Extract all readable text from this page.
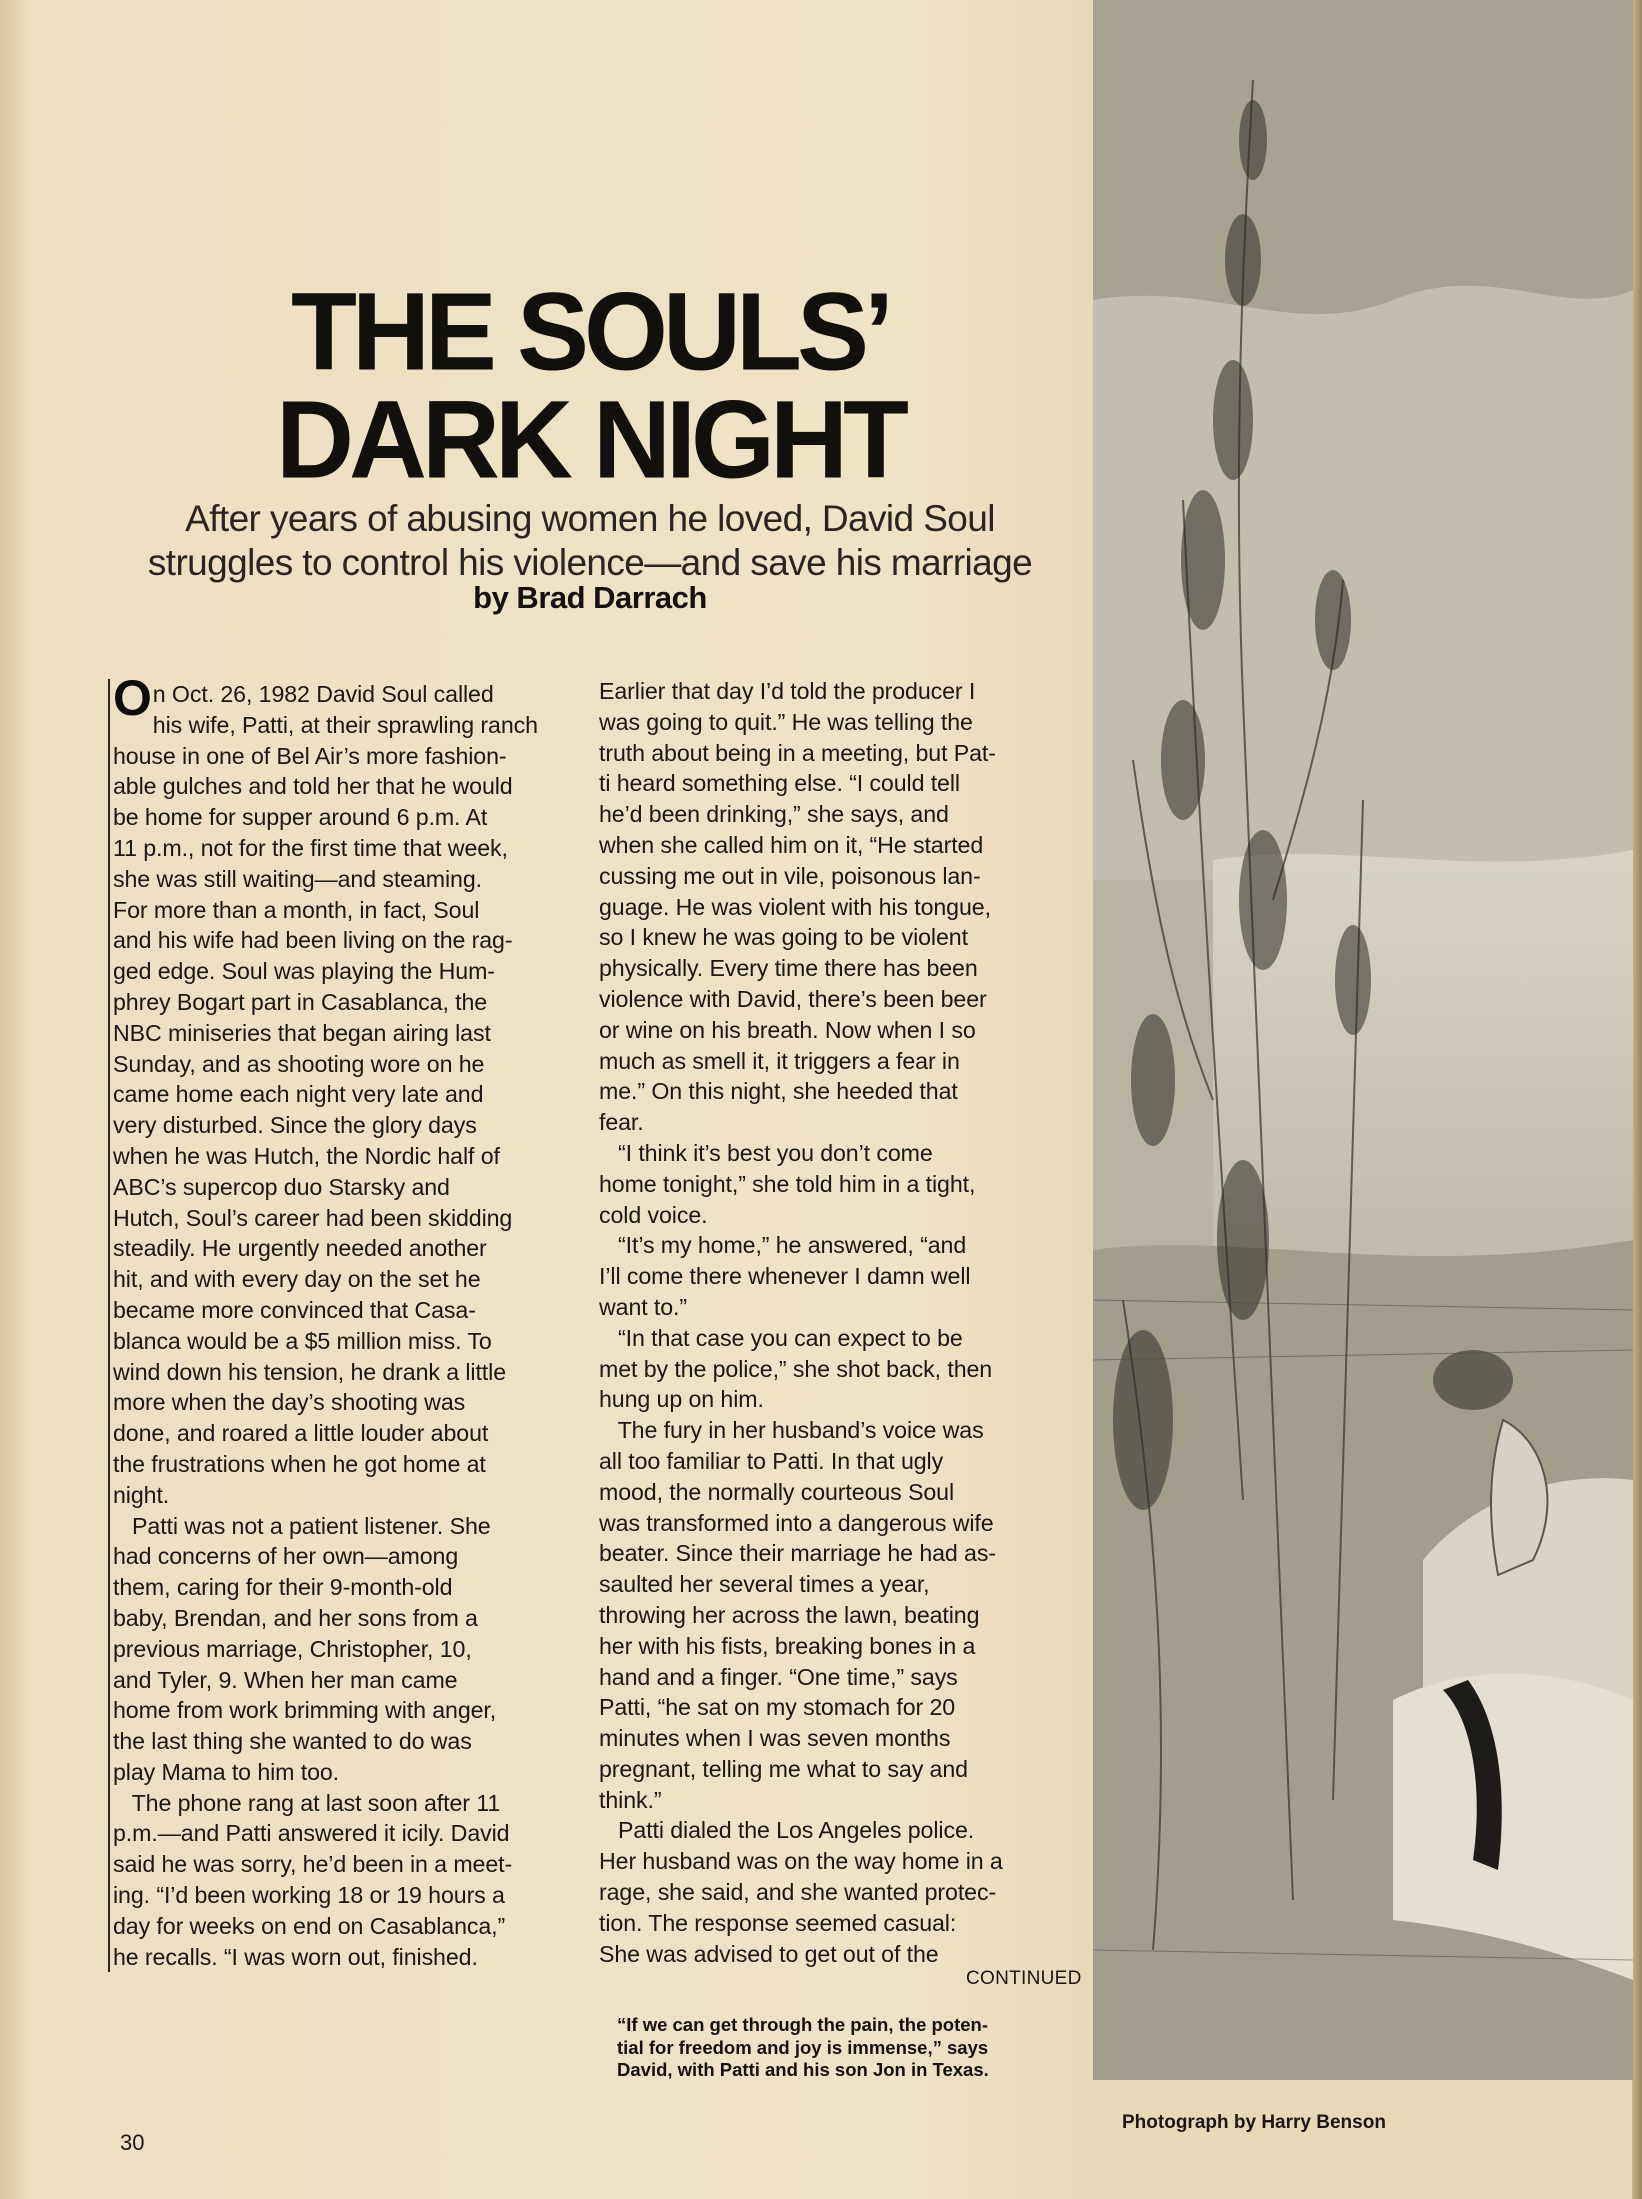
THE SOULS’
DARK NIGHT
After years of abusing women he loved, David Soul
struggles to control his violence—and save his marriage
by Brad Darrach
O n Oct. 26, 1982 David Soul called
his wife, Patti, at their sprawling ranch
house in one of Bel Air’s more fashion-
able gulches and told her that he would
be home for supper around 6 p.m. At
11 p.m., not for the first time that week,
she was still waiting—and steaming.
For more than a month, in fact, Soul
and his wife had been living on the rag-
ged edge. Soul was playing the Hum-
phrey Bogart part in Casablanca, the
NBC miniseries that began airing last
Sunday, and as shooting wore on he
came home each night very late and
very disturbed. Since the glory days
when he was Hutch, the Nordic half of
ABC’s supercop duo Starsky and
Hutch, Soul’s career had been skidding
steadily. He urgently needed another
hit, and with every day on the set he
became more convinced that Casa-
blanca would be a $5 million miss. To
wind down his tension, he drank a little
more when the day’s shooting was
done, and roared a little louder about
the frustrations when he got home at
night.
Patti was not a patient listener. She
had concerns of her own—among
them, caring for their 9-month-old
baby, Brendan, and her sons from a
previous marriage, Christopher, 10,
and Tyler, 9. When her man came
home from work brimming with anger,
the last thing she wanted to do was
play Mama to him too.
The phone rang at last soon after 11
p.m.—and Patti answered it icily. David
said he was sorry, he’d been in a meet-
ing. “I’d been working 18 or 19 hours a
day for weeks on end on Casablanca,”
he recalls. “I was worn out, finished.
Earlier that day I’d told the producer I
was going to quit.” He was telling the
truth about being in a meeting, but Pat-
ti heard something else. “I could tell
he’d been drinking,” she says, and
when she called him on it, “He started
cussing me out in vile, poisonous lan-
guage. He was violent with his tongue,
so I knew he was going to be violent
physically. Every time there has been
violence with David, there’s been beer
or wine on his breath. Now when I so
much as smell it, it triggers a fear in
me.” On this night, she heeded that
fear.
“I think it’s best you don’t come
home tonight,” she told him in a tight,
cold voice.
“It’s my home,” he answered, “and
I’ll come there whenever I damn well
want to.”
“In that case you can expect to be
met by the police,” she shot back, then
hung up on him.
The fury in her husband’s voice was
all too familiar to Patti. In that ugly
mood, the normally courteous Soul
was transformed into a dangerous wife
beater. Since their marriage he had as-
saulted her several times a year,
throwing her across the lawn, beating
her with his fists, breaking bones in a
hand and a finger. “One time,” says
Patti, “he sat on my stomach for 20
minutes when I was seven months
pregnant, telling me what to say and
think.”
Patti dialed the Los Angeles police.
Her husband was on the way home in a
rage, she said, and she wanted protec-
tion. The response seemed casual:
She was advised to get out of the
CONTINUED
“If we can get through the pain, the poten-
tial for freedom and joy is immense,” says
David, with Patti and his son Jon in Texas.
Photograph by Harry Benson
30
